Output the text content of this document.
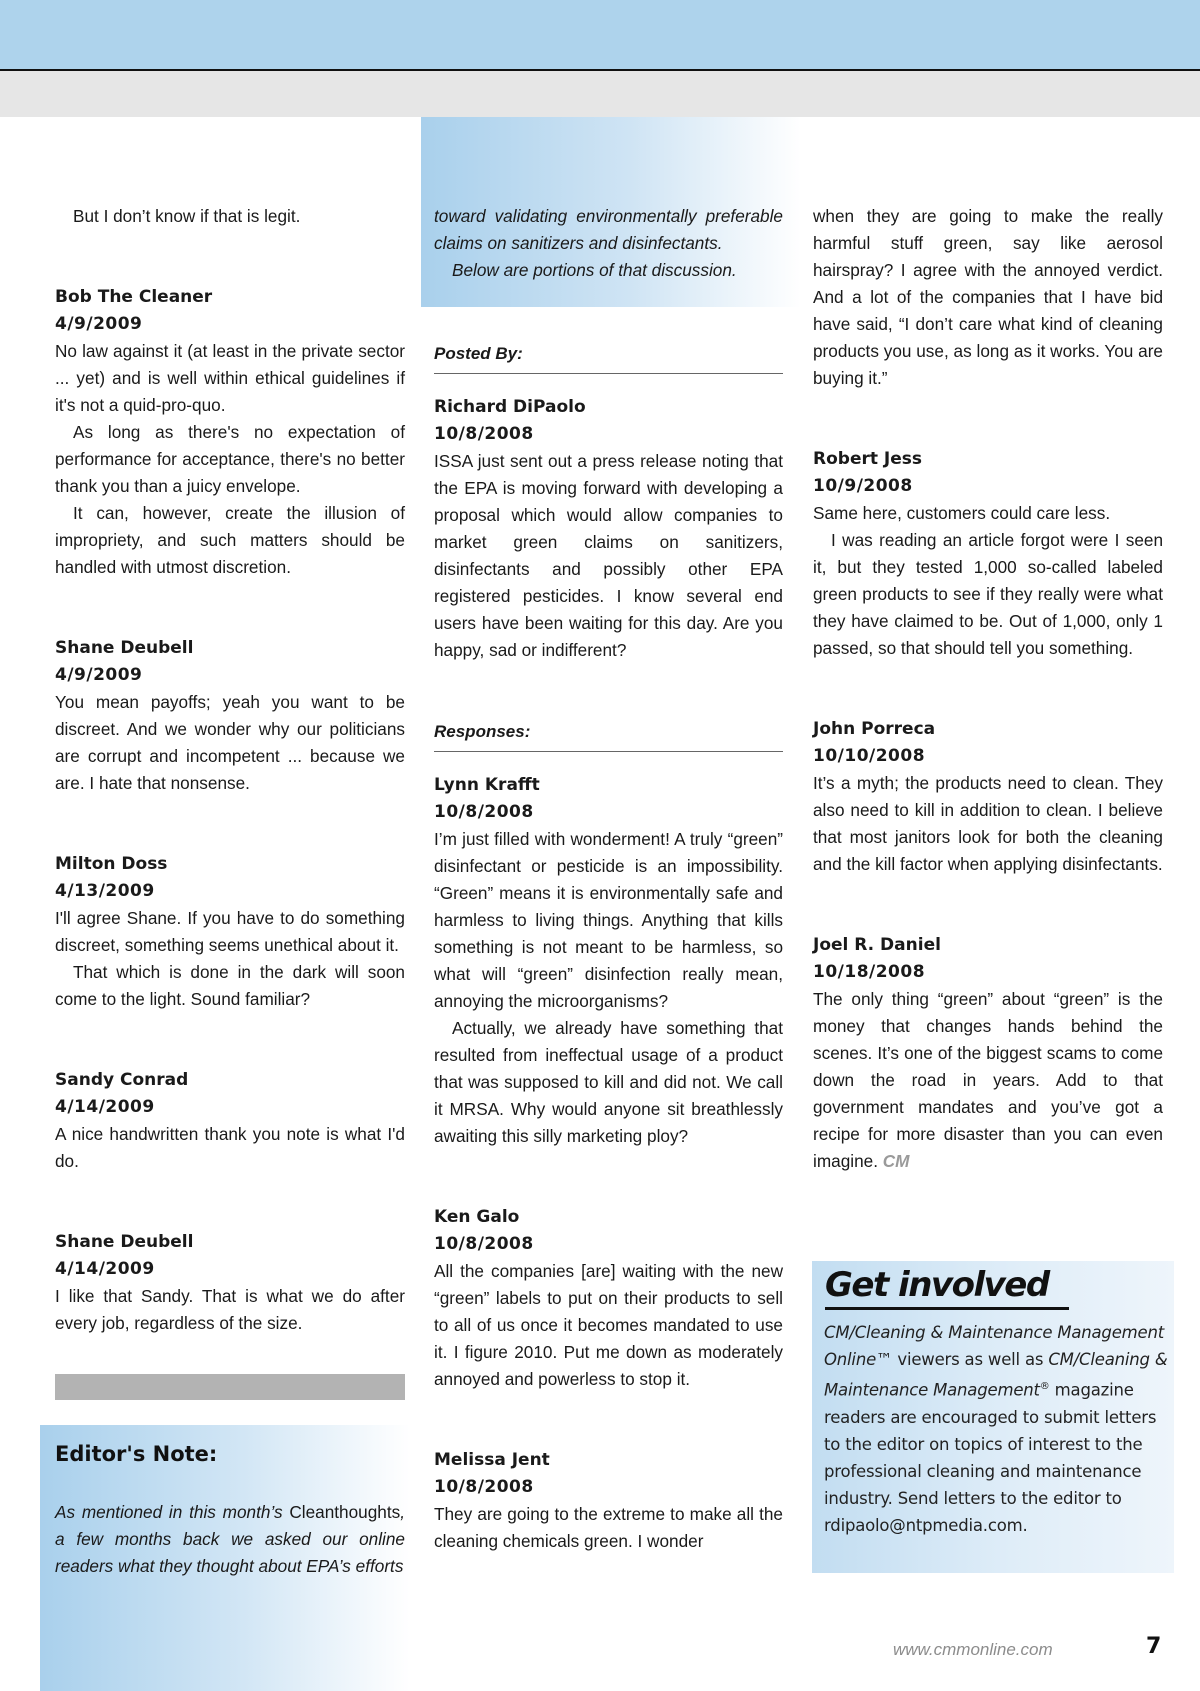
But I don’t know if that is legit.

Bob The Cleaner
4/9/2009

No law against it (at least in the private sector ... yet) and is well within ethical guidelines if it's not a quid-pro-quo.

As long as there's no expectation of performance for acceptance, there's no better thank you than a juicy envelope.

It can, however, create the illusion of impropriety, and such matters should be handled with utmost discretion.

Shane Deubell
4/9/2009

You mean payoffs; yeah you want to be discreet. And we wonder why our politicians are corrupt and incompetent ... because we are. I hate that nonsense.

Milton Doss
4/13/2009

I'll agree Shane. If you have to do something discreet, something seems unethical about it.

That which is done in the dark will soon come to the light. Sound familiar?

Sandy Conrad
4/14/2009

A nice handwritten thank you note is what I'd do.

Shane Deubell
4/14/2009

I like that Sandy. That is what we do after every job, regardless of the size.

Editor's Note:
As mentioned in this month’s Cleanthoughts, a few months back we asked our online readers what they thought about EPA’s efforts

toward validating environmentally preferable claims on sanitizers and disinfectants.

Below are portions of that discussion.

Posted By:
Richard DiPaolo
10/8/2008

ISSA just sent out a press release noting that the EPA is moving forward with developing a proposal which would allow companies to market green claims on sanitizers, disinfectants and possibly other EPA registered pesticides. I know several end users have been waiting for this day. Are you happy, sad or indifferent?

Responses:
Lynn Krafft
10/8/2008

I’m just filled with wonderment! A truly “green” disinfectant or pesticide is an impossibility. “Green” means it is environmentally safe and harmless to living things. Anything that kills something is not meant to be harmless, so what will “green” disinfection really mean, annoying the microorganisms?

Actually, we already have something that resulted from ineffectual usage of a product that was supposed to kill and did not. We call it MRSA. Why would anyone sit breathlessly awaiting this silly marketing ploy?

Ken Galo
10/8/2008

All the companies [are] waiting with the new “green” labels to put on their products to sell to all of us once it becomes mandated to use it. I figure 2010. Put me down as moderately annoyed and powerless to stop it.

Melissa Jent
10/8/2008

They are going to the extreme to make all the cleaning chemicals green. I wonder

when they are going to make the really harmful stuff green, say like aerosol hairspray? I agree with the annoyed verdict. And a lot of the companies that I have bid have said, “I don’t care what kind of cleaning products you use, as long as it works. You are buying it.”

Robert Jess
10/9/2008

Same here, customers could care less.

I was reading an article forgot were I seen it, but they tested 1,000 so-called labeled green products to see if they really were what they have claimed to be. Out of 1,000, only 1 passed, so that should tell you something.

John Porreca
10/10/2008

It’s a myth; the products need to clean. They also need to kill in addition to clean. I believe that most janitors look for both the cleaning and the kill factor when applying disinfectants.

Joel R. Daniel
10/18/2008

The only thing “green” about “green” is the money that changes hands behind the scenes. It’s one of the biggest scams to come down the road in years. Add to that government mandates and you’ve got a recipe for more disaster than you can even imagine. CM

Get involved
CM/Cleaning & Maintenance Management Online™ viewers as well as CM/Cleaning & Maintenance Management® magazine readers are encouraged to submit letters to the editor on topics of interest to the professional cleaning and maintenance industry. Send letters to the editor to rdipaolo@ntpmedia.com.
www.cmmonline.com	7
